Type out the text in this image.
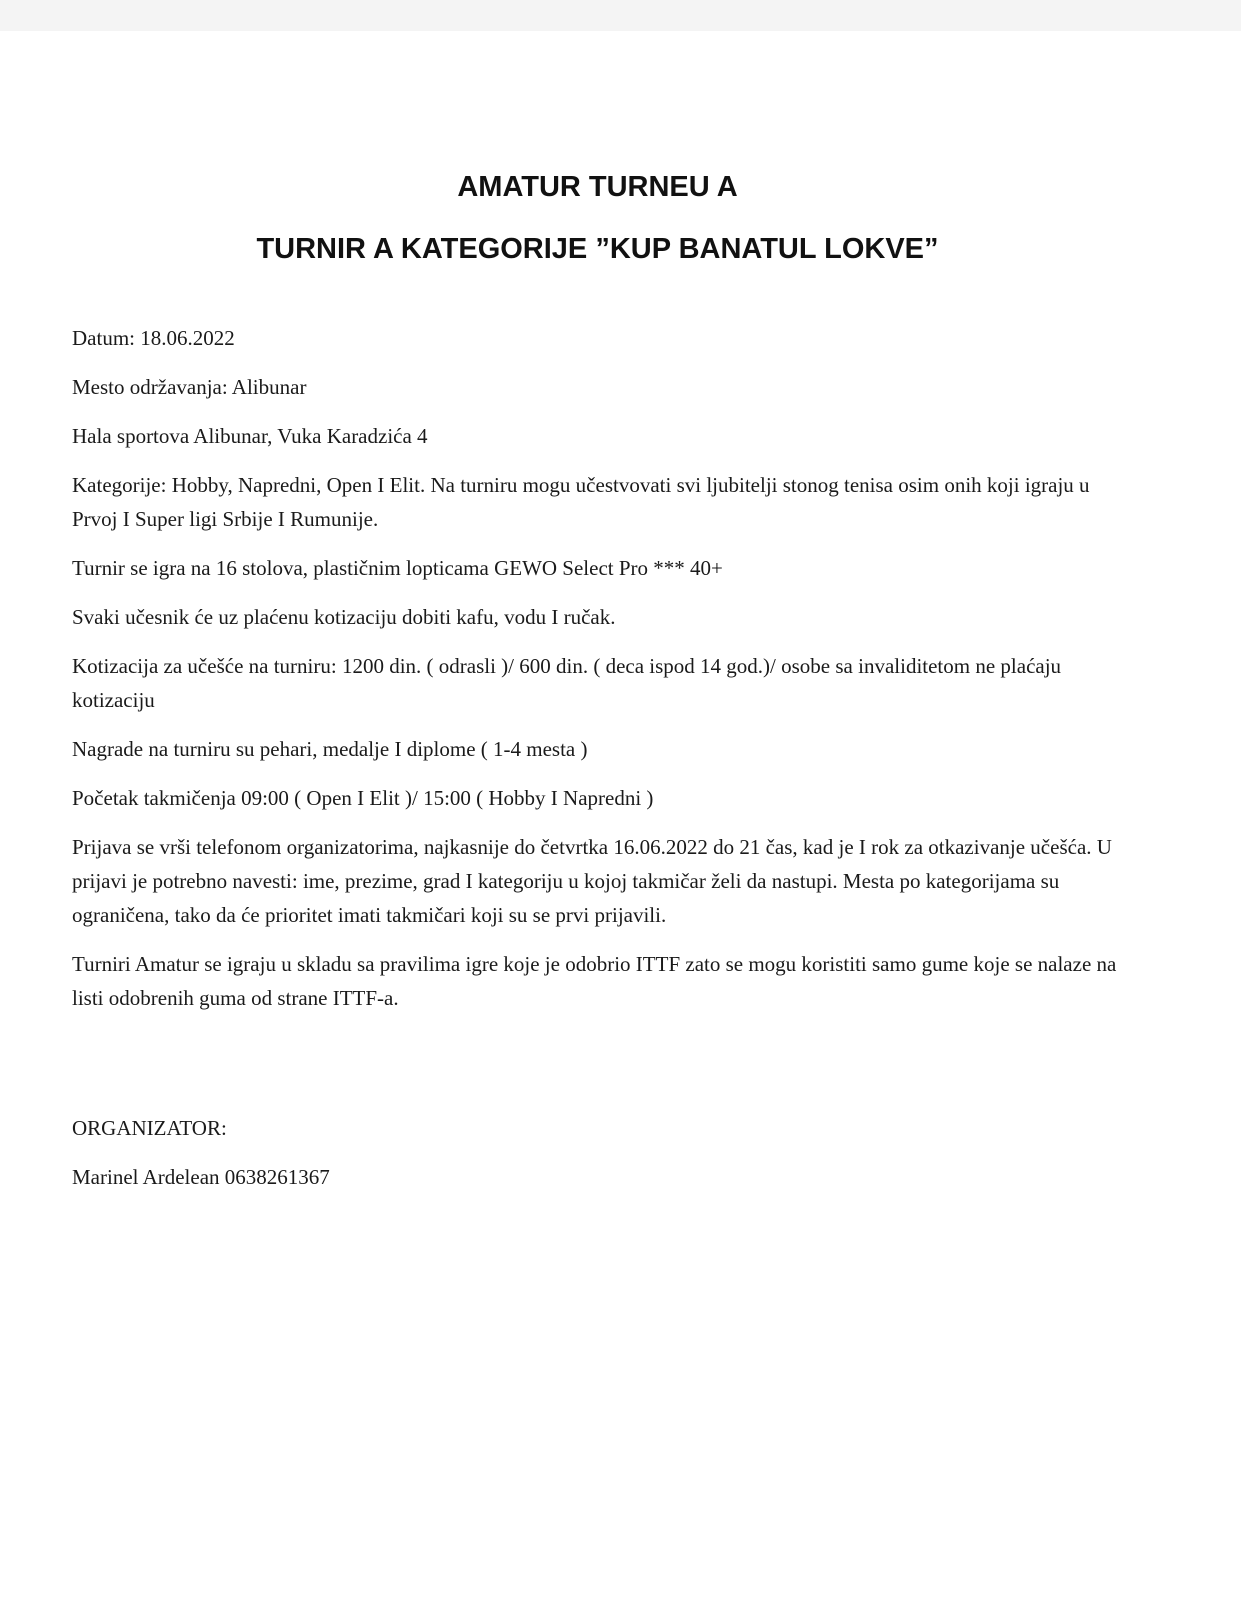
AMATUR TURNEU A
TURNIR A KATEGORIJE ”KUP BANATUL LOKVE”

Datum: 18.06.2022

Mesto održavanja: Alibunar

Hala sportova Alibunar, Vuka Karadzića 4

Kategorije: Hobby, Napredni, Open I Elit. Na turniru mogu učestvovati svi ljubitelji stonog tenisa osim onih koji igraju u Prvoj I Super ligi Srbije I Rumunije.

Turnir se igra na 16 stolova, plastičnim lopticama GEWO Select Pro *** 40+

Svaki učesnik će uz plaćenu kotizaciju dobiti kafu, vodu I ručak.

Kotizacija za učešće na turniru: 1200 din. ( odrasli )/ 600 din. ( deca ispod 14 god.)/ osobe sa invaliditetom ne plaćaju kotizaciju

Nagrade na turniru su pehari, medalje I diplome ( 1-4 mesta )

Početak takmičenja 09:00 ( Open I Elit )/ 15:00 ( Hobby I Napredni )

Prijava se vrši telefonom organizatorima, najkasnije do četvrtka 16.06.2022 do 21 čas, kad je I rok za otkazivanje učešća. U prijavi je potrebno navesti: ime, prezime, grad I kategoriju u kojoj takmičar želi da nastupi. Mesta po kategorijama su ograničena, tako da će prioritet imati takmičari koji su se prvi prijavili.

Turniri Amatur se igraju u skladu sa pravilima igre koje je odobrio ITTF zato se mogu koristiti samo gume koje se nalaze na listi odobrenih guma od strane ITTF-a.

ORGANIZATOR:

Marinel Ardelean 0638261367
